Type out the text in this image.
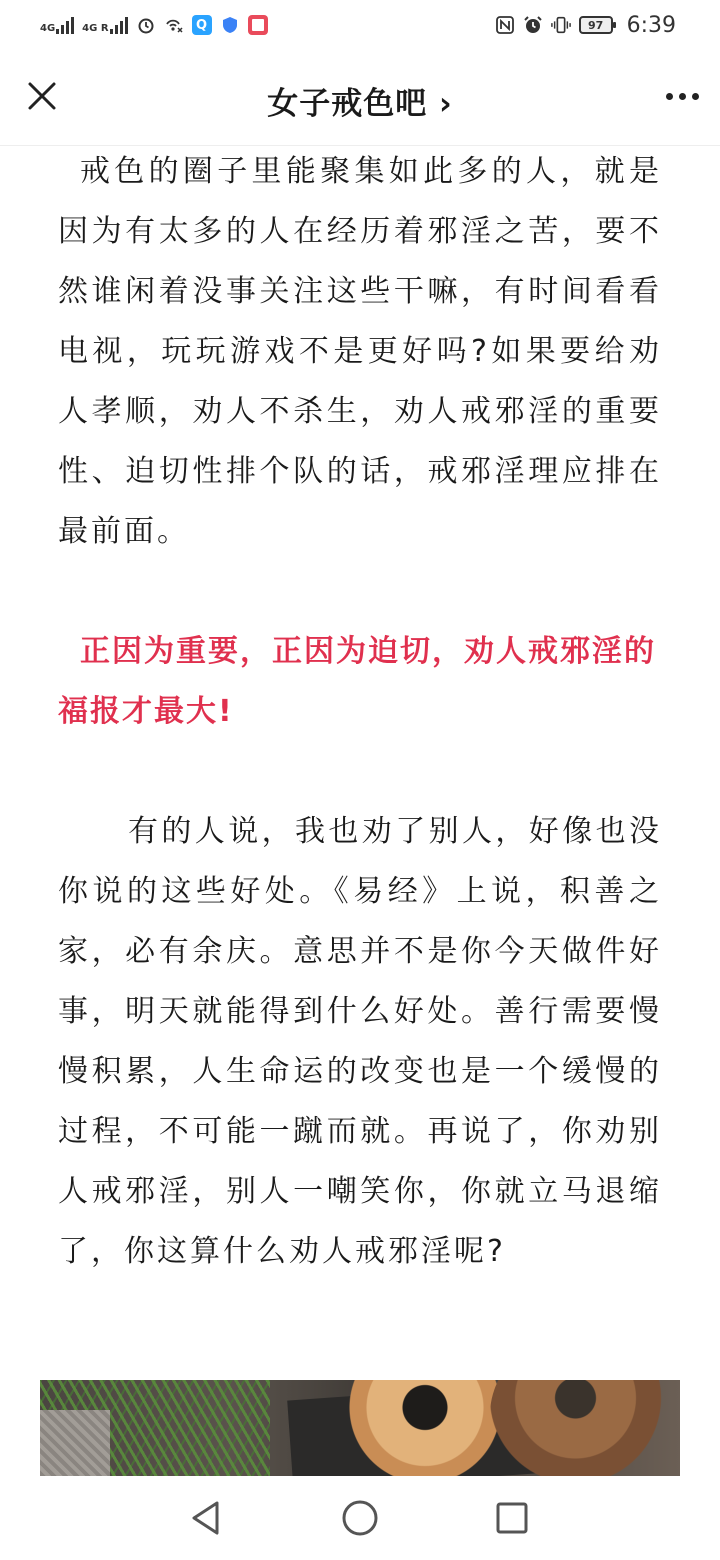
4G	4G R	Q	97	6:39
女子戒色吧 ›

戒色的圈子里能聚集如此多的人，就是因为有太多的人在经历着邪淫之苦，要不然谁闲着没事关注这些干嘛，有时间看看电视，玩玩游戏不是更好吗?如果要给劝人孝顺，劝人不杀生，劝人戒邪淫的重要性、迫切性排个队的话，戒邪淫理应排在最前面。

正因为重要，正因为迫切，劝人戒邪淫的福报才最大!

有的人说，我也劝了别人，好像也没你说的这些好处。《易经》上说，积善之家，必有余庆。意思并不是你今天做件好事，明天就能得到什么好处。善行需要慢慢积累，人生命运的改变也是一个缓慢的过程，不可能一蹴而就。再说了，你劝别人戒邪淫，别人一嘲笑你，你就立马退缩了，你这算什么劝人戒邪淫呢?
